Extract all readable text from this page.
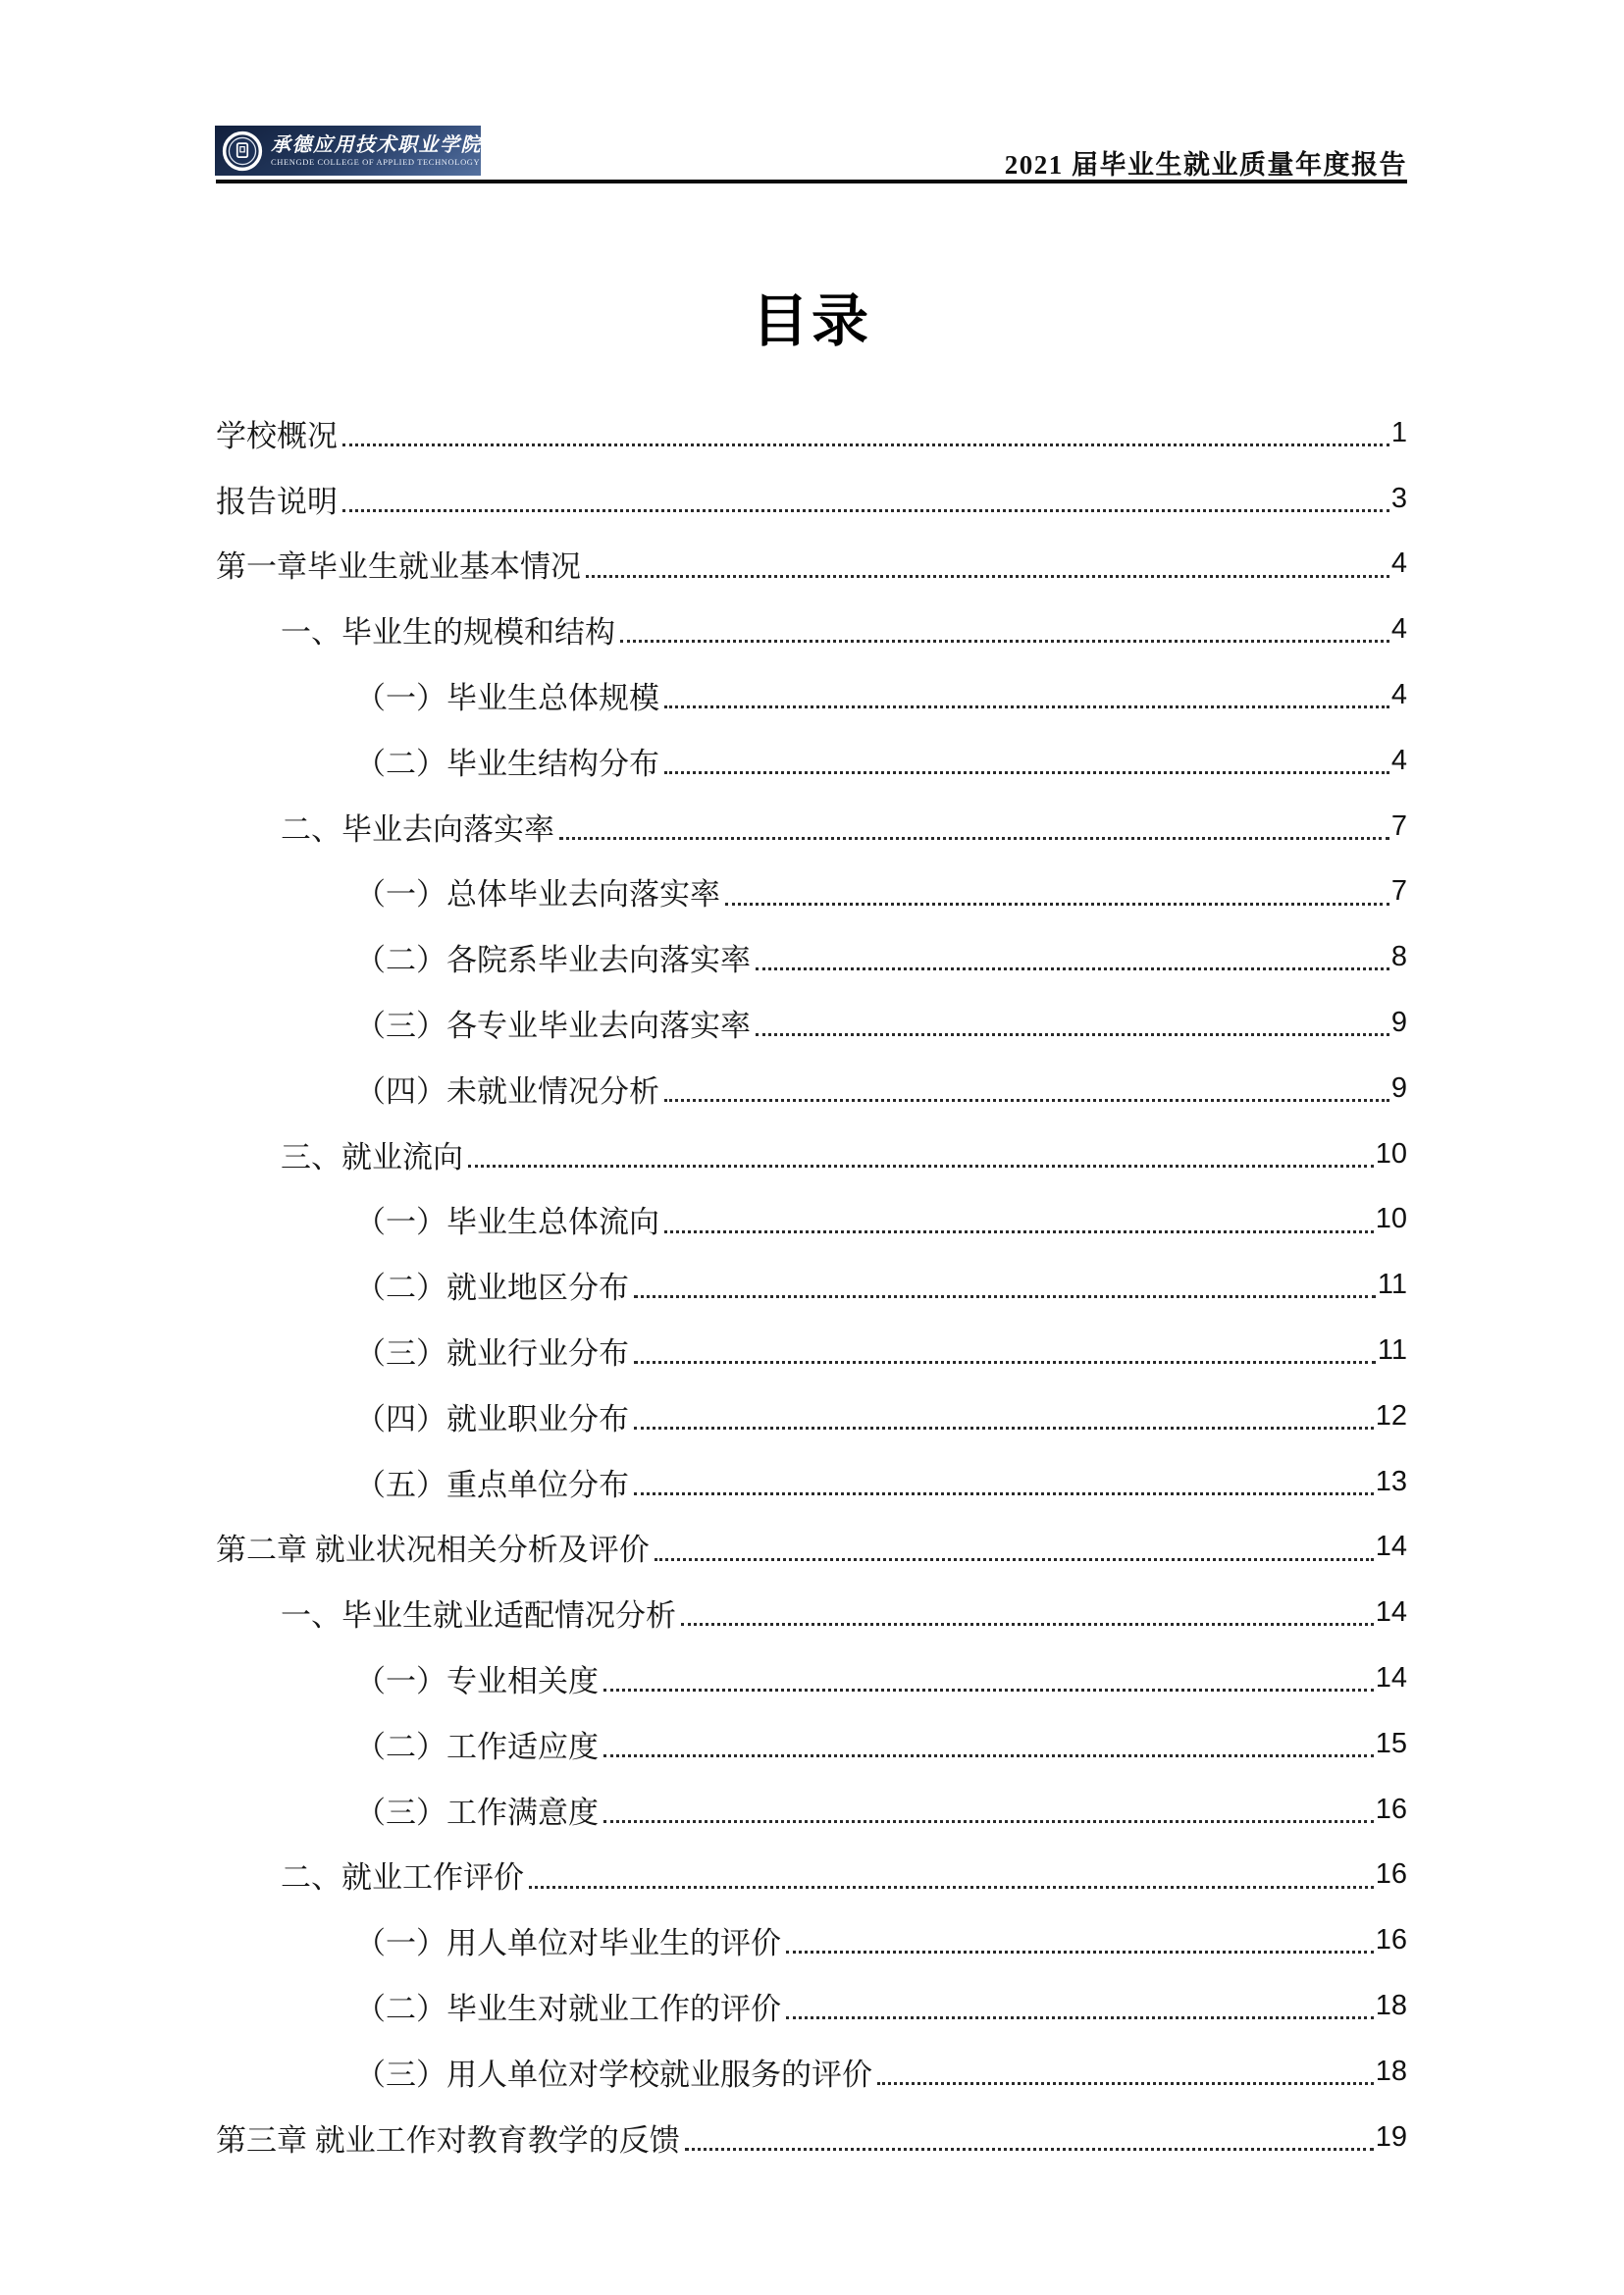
承德应用技术职业学院
CHENGDE COLLEGE OF APPLIED TECHNOLOGY	2021 届毕业生就业质量年度报告
目录
学校概况	1
报告说明	3
第一章毕业生就业基本情况	4
一、毕业生的规模和结构	4
（一）毕业生总体规模	4
（二）毕业生结构分布	4
二、毕业去向落实率	7
（一）总体毕业去向落实率	7
（二）各院系毕业去向落实率	8
（三）各专业毕业去向落实率	9
（四）未就业情况分析	9
三、就业流向	10
（一）毕业生总体流向	10
（二）就业地区分布	11
（三）就业行业分布	11
（四）就业职业分布	12
（五）重点单位分布	13
第二章 就业状况相关分析及评价	14
一、毕业生就业适配情况分析	14
（一）专业相关度	14
（二）工作适应度	15
（三）工作满意度	16
二、就业工作评价	16
（一）用人单位对毕业生的评价	16
（二）毕业生对就业工作的评价	18
（三）用人单位对学校就业服务的评价	18
第三章 就业工作对教育教学的反馈	19
